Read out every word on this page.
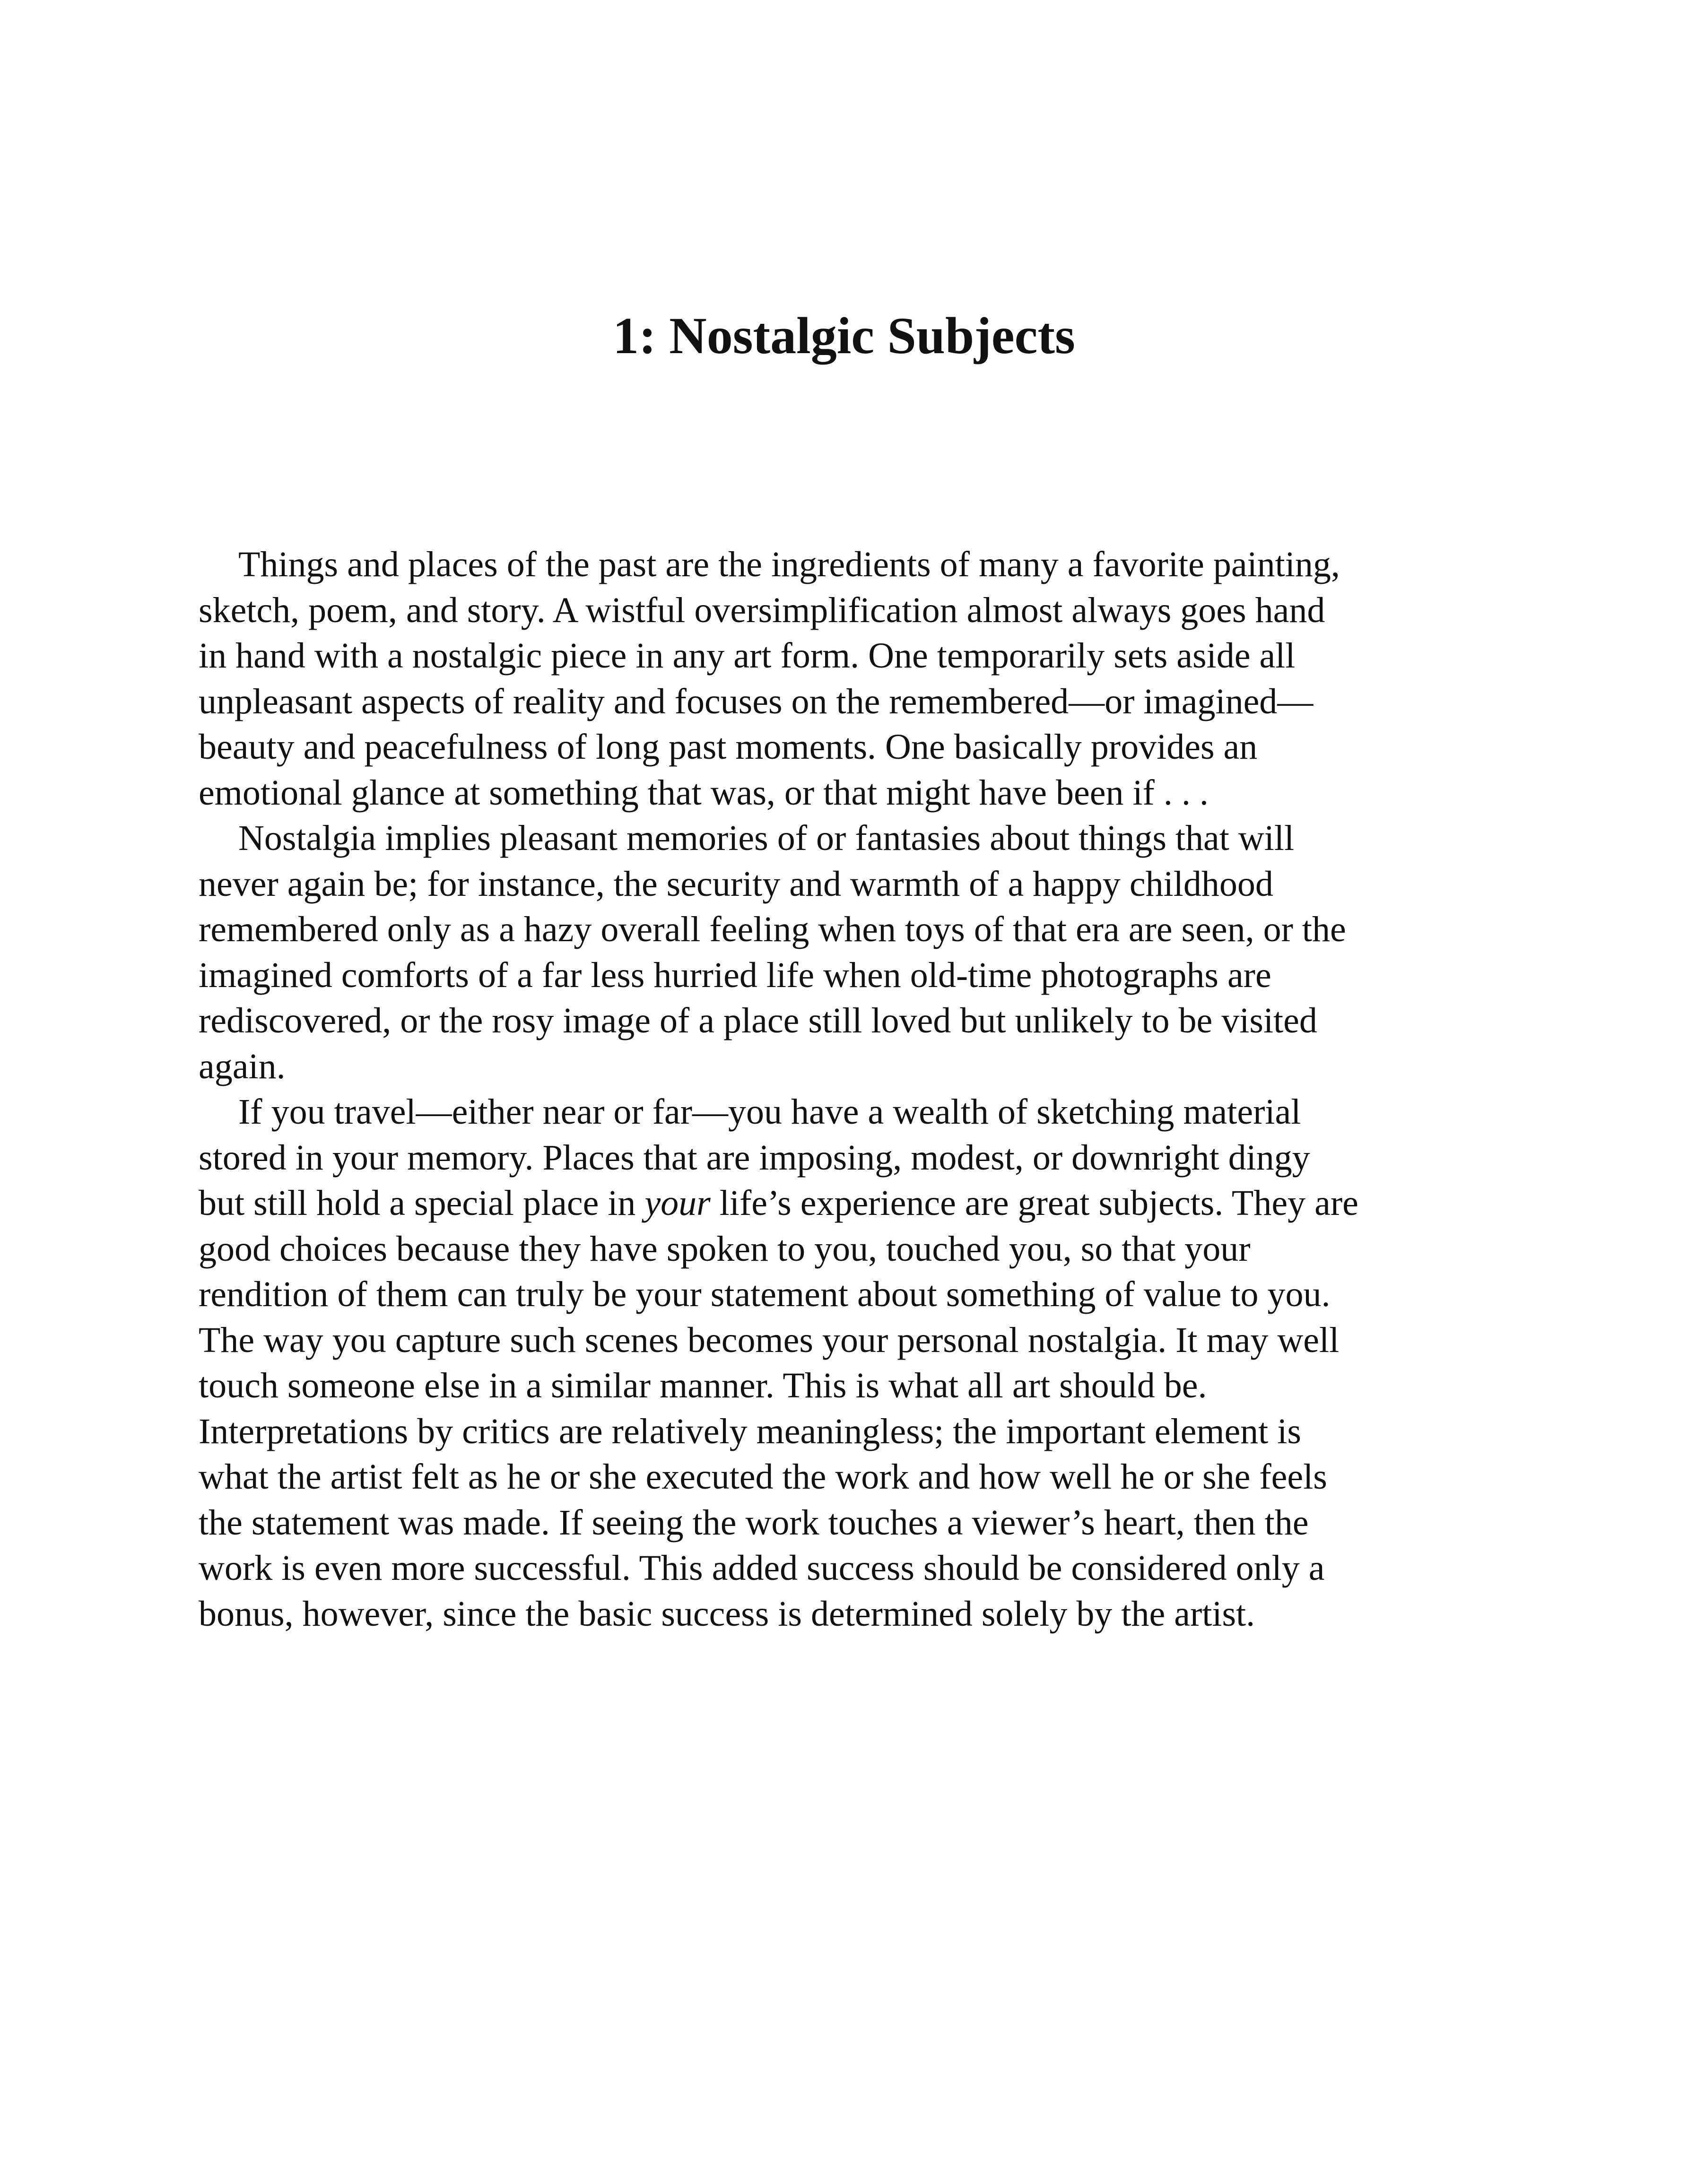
1: Nostalgic Subjects
Things and places of the past are the ingredients of many a favorite painting,
sketch, poem, and story. A wistful oversimplification almost always goes hand
in hand with a nostalgic piece in any art form. One temporarily sets aside all
unpleasant aspects of reality and focuses on the remembered—or imagined—
beauty and peacefulness of long past moments. One basically provides an
emotional glance at something that was, or that might have been if . . .
Nostalgia implies pleasant memories of or fantasies about things that will
never again be; for instance, the security and warmth of a happy childhood
remembered only as a hazy overall feeling when toys of that era are seen, or the
imagined comforts of a far less hurried life when old-time photographs are
rediscovered, or the rosy image of a place still loved but unlikely to be visited
again.
If you travel—either near or far—you have a wealth of sketching material
stored in your memory. Places that are imposing, modest, or downright dingy
but still hold a special place in your life’s experience are great subjects. They are
good choices because they have spoken to you, touched you, so that your
rendition of them can truly be your statement about something of value to you.
The way you capture such scenes becomes your personal nostalgia. It may well
touch someone else in a similar manner. This is what all art should be.
Interpretations by critics are relatively meaningless; the important element is
what the artist felt as he or she executed the work and how well he or she feels
the statement was made. If seeing the work touches a viewer’s heart, then the
work is even more successful. This added success should be considered only a
bonus, however, since the basic success is determined solely by the artist.
